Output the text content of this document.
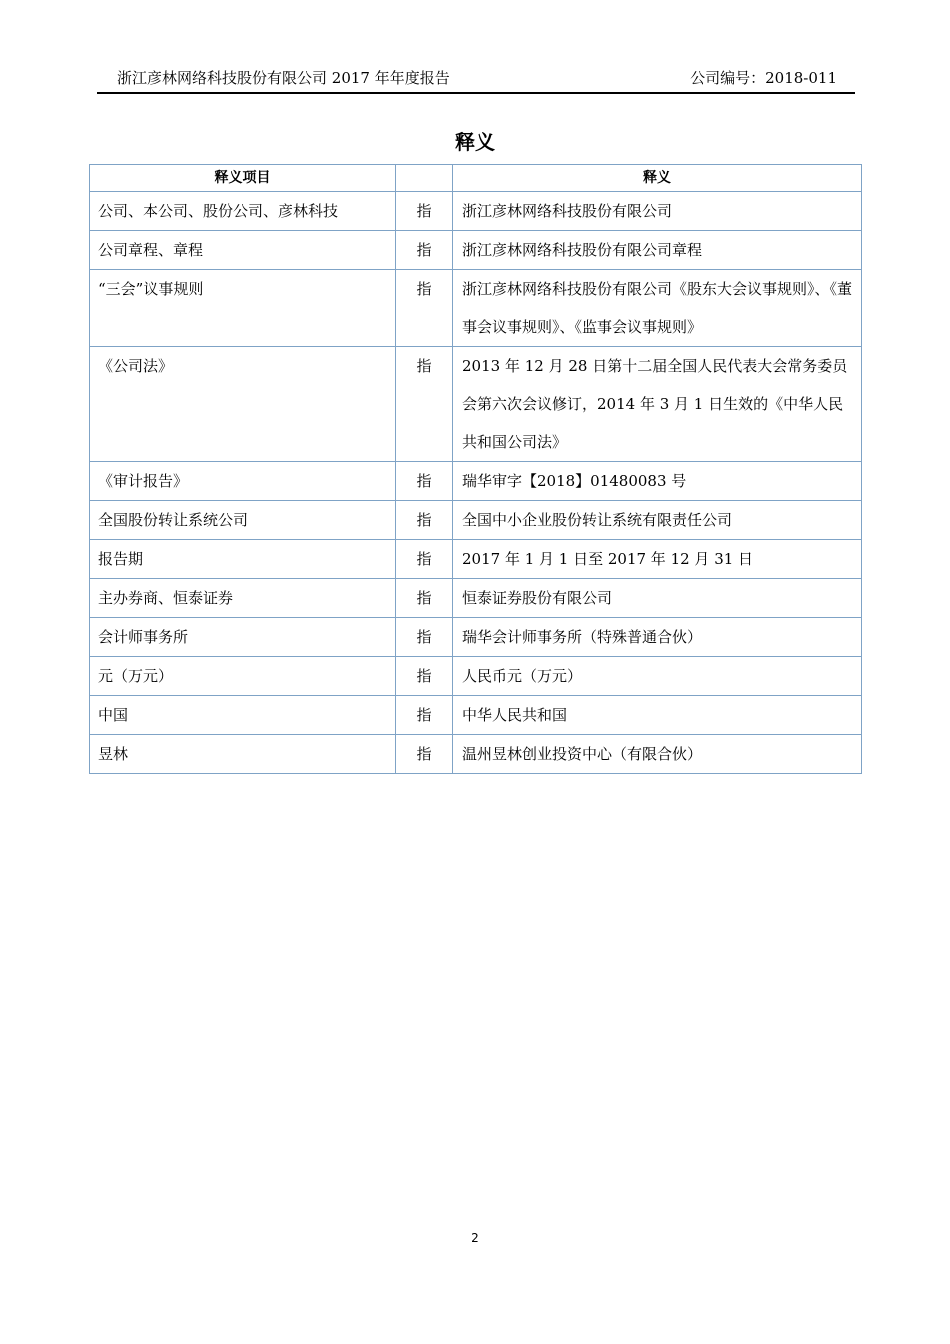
浙江彦林网络科技股份有限公司 2017 年年度报告	公司编号：2018-011
释义
释义项目		释义
公司、本公司、股份公司、彦林科技	指	浙江彦林网络科技股份有限公司
公司章程、章程	指	浙江彦林网络科技股份有限公司章程
“三会”议事规则	指	浙江彦林网络科技股份有限公司《股东大会议事规则》、《董事会议事规则》、《监事会议事规则》
《公司法》	指	2013 年 12 月 28 日第十二届全国人民代表大会常务委员会第六次会议修订，2014 年 3 月 1 日生效的《中华人民共和国公司法》
《审计报告》	指	瑞华审字【2018】01480083 号
全国股份转让系统公司	指	全国中小企业股份转让系统有限责任公司
报告期	指	2017 年 1 月 1 日至 2017 年 12 月 31 日
主办券商、恒泰证券	指	恒泰证券股份有限公司
会计师事务所	指	瑞华会计师事务所（特殊普通合伙）
元（万元）	指	人民币元（万元）
中国	指	中华人民共和国
昱林	指	温州昱林创业投资中心（有限合伙）
2
